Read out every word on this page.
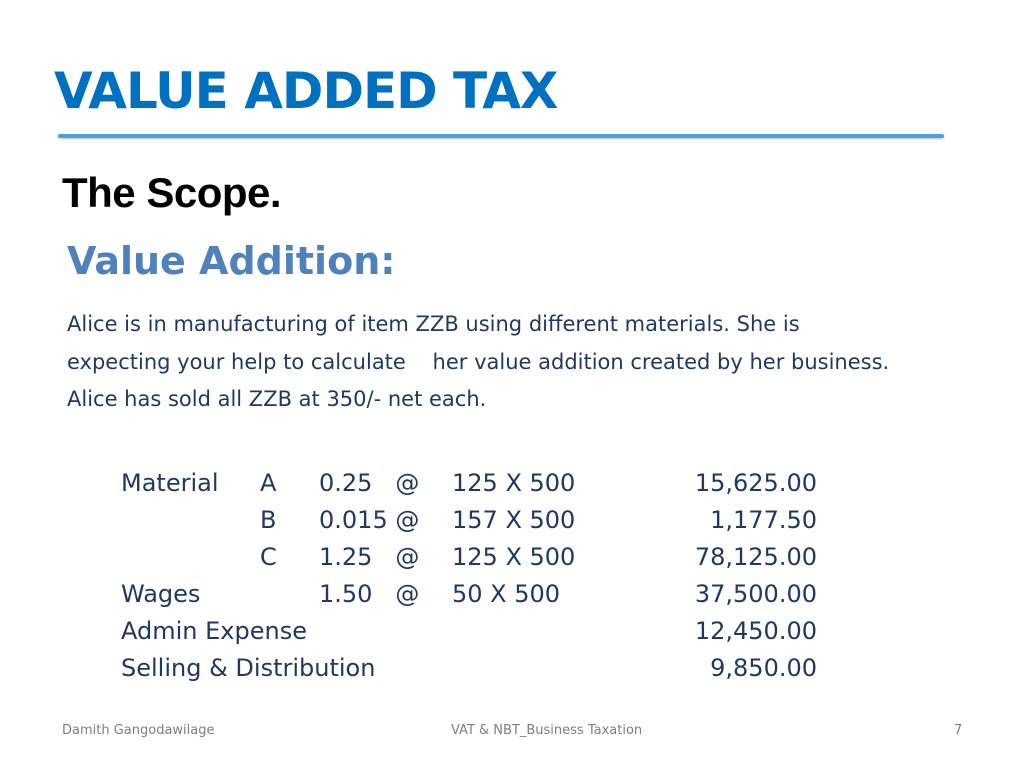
VALUE ADDED TAX
The Scope.
Value Addition:
Alice is in manufacturing of item ZZB using different materials. She is
expecting your help to calculate    her value addition created by her business.
Alice has sold all ZZB at 350/- net each.
Material A 0.25   @ 125 X 500	15,625.00
B 0.015 @ 157 X 500	1,177.50
C 1.25   @ 125 X 500	78,125.00
Wages	1.50   @ 50 X 500	37,500.00
Admin Expense	12,450.00
Selling & Distribution	9,850.00
Damith Gangodawilage	VAT & NBT_Business Taxation	7
